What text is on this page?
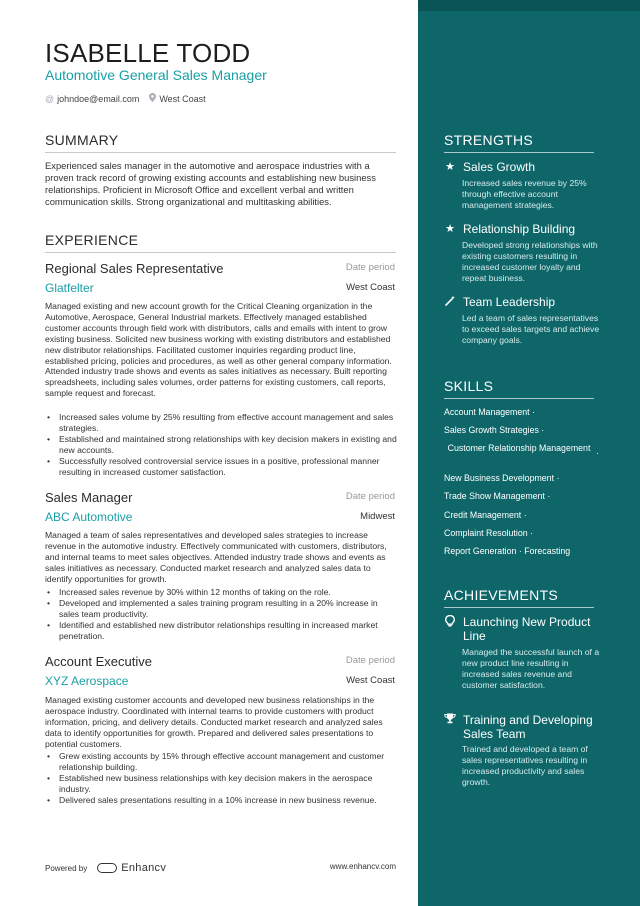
ISABELLE TODD
Automotive General Sales Manager
@ johndoe@email.com West Coast
SUMMARY
Experienced sales manager in the automotive and aerospace industries with a proven track record of growing existing accounts and establishing new business relationships. Proficient in Microsoft Office and excellent verbal and written communication skills. Strong organizational and multitasking abilities.
EXPERIENCE
Regional Sales Representative	Date period
Glatfelter	West Coast
Managed existing and new account growth for the Critical Cleaning organization in the Automotive, Aerospace, General Industrial markets. Effectively managed established customer accounts through field work with distributors, calls and emails with intent to grow existing business. Solicited new business working with existing distributors and established new distributor relationships. Facilitated customer inquiries regarding product line, established pricing, policies and procedures, as well as other general company information. Attended industry trade shows and events as sales initiatives as necessary. Built reporting spreadsheets, including sales volumes, order patterns for existing customers, call reports, sample request and forecast.
• Increased sales volume by 25% resulting from effective account management and sales strategies.
• Established and maintained strong relationships with key decision makers in existing and new accounts.
• Successfully resolved controversial service issues in a positive, professional manner resulting in increased customer satisfaction.
Sales Manager	Date period
ABC Automotive	Midwest
Managed a team of sales representatives and developed sales strategies to increase revenue in the automotive industry. Effectively communicated with customers, distributors, and internal teams to meet sales objectives. Attended industry trade shows and events as sales initiatives as necessary. Conducted market research and analyzed sales data to identify opportunities for growth.
• Increased sales revenue by 30% within 12 months of taking on the role.
• Developed and implemented a sales training program resulting in a 20% increase in sales team productivity.
• Identified and established new distributor relationships resulting in increased market penetration.
Account Executive	Date period
XYZ Aerospace	West Coast
Managed existing customer accounts and developed new business relationships in the aerospace industry. Coordinated with internal teams to provide customers with product information, pricing, and delivery details. Conducted market research and analyzed sales data to identify opportunities for growth. Prepared and delivered sales presentations to potential customers.
• Grew existing accounts by 15% through effective account management and customer relationship building.
• Established new business relationships with key decision makers in the aerospace industry.
• Delivered sales presentations resulting in a 10% increase in new business revenue.
Powered by	Enhancv	www.enhancv.com
STRENGTHS
★ Sales Growth
Increased sales revenue by 25% through effective account management strategies.
★ Relationship Building
Developed strong relationships with existing customers resulting in increased customer loyalty and repeat business.
Team Leadership
Led a team of sales representatives to exceed sales targets and achieve company goals.
SKILLS
Account Management ·
Sales Growth Strategies ·
Customer Relationship Management ·
New Business Development ·
Trade Show Management ·
Credit Management ·
Complaint Resolution ·
Report Generation · Forecasting
ACHIEVEMENTS
Launching New Product Line
Managed the successful launch of a new product line resulting in increased sales revenue and customer satisfaction.
Training and Developing Sales Team
Trained and developed a team of sales representatives resulting in increased productivity and sales growth.
